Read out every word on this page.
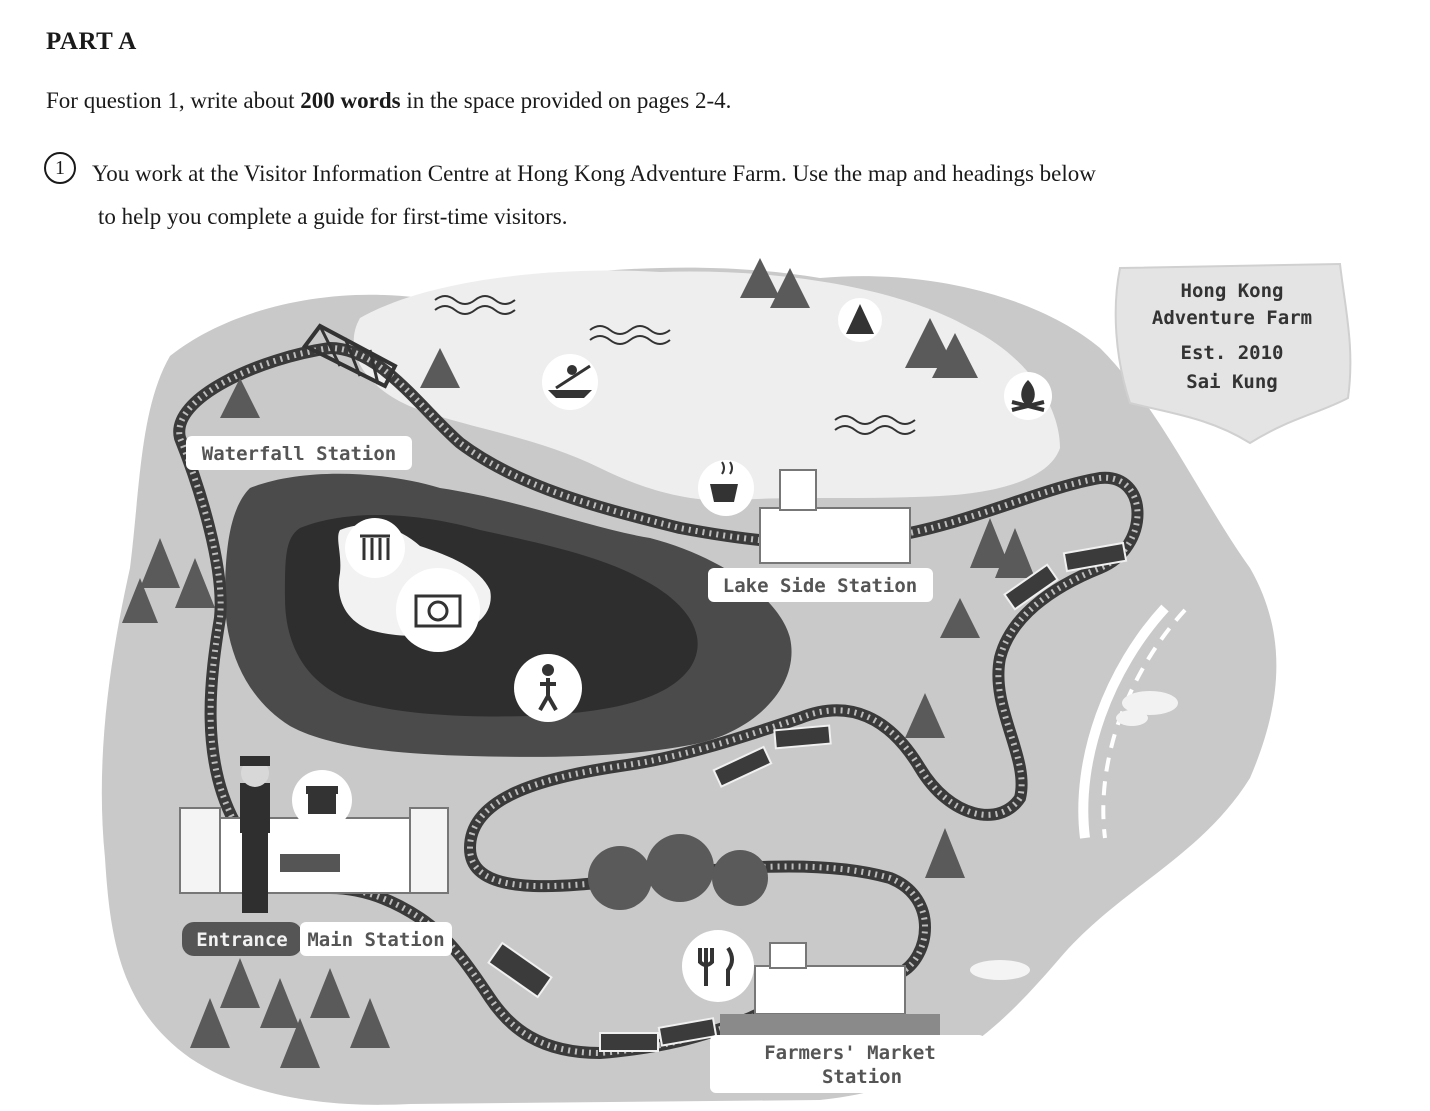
PART A
For question 1, write about 200 words in the space provided on pages 2-4.
1	You work at the Visitor Information Centre at Hong Kong Adventure Farm. Use the map and headings below
to help you complete a guide for first-time visitors.
Hong Kong
Adventure Farm
Est. 2010
Sai Kung
Waterfall Station
Lake Side Station
Entrance Main Station
Farmers' Market
Station
